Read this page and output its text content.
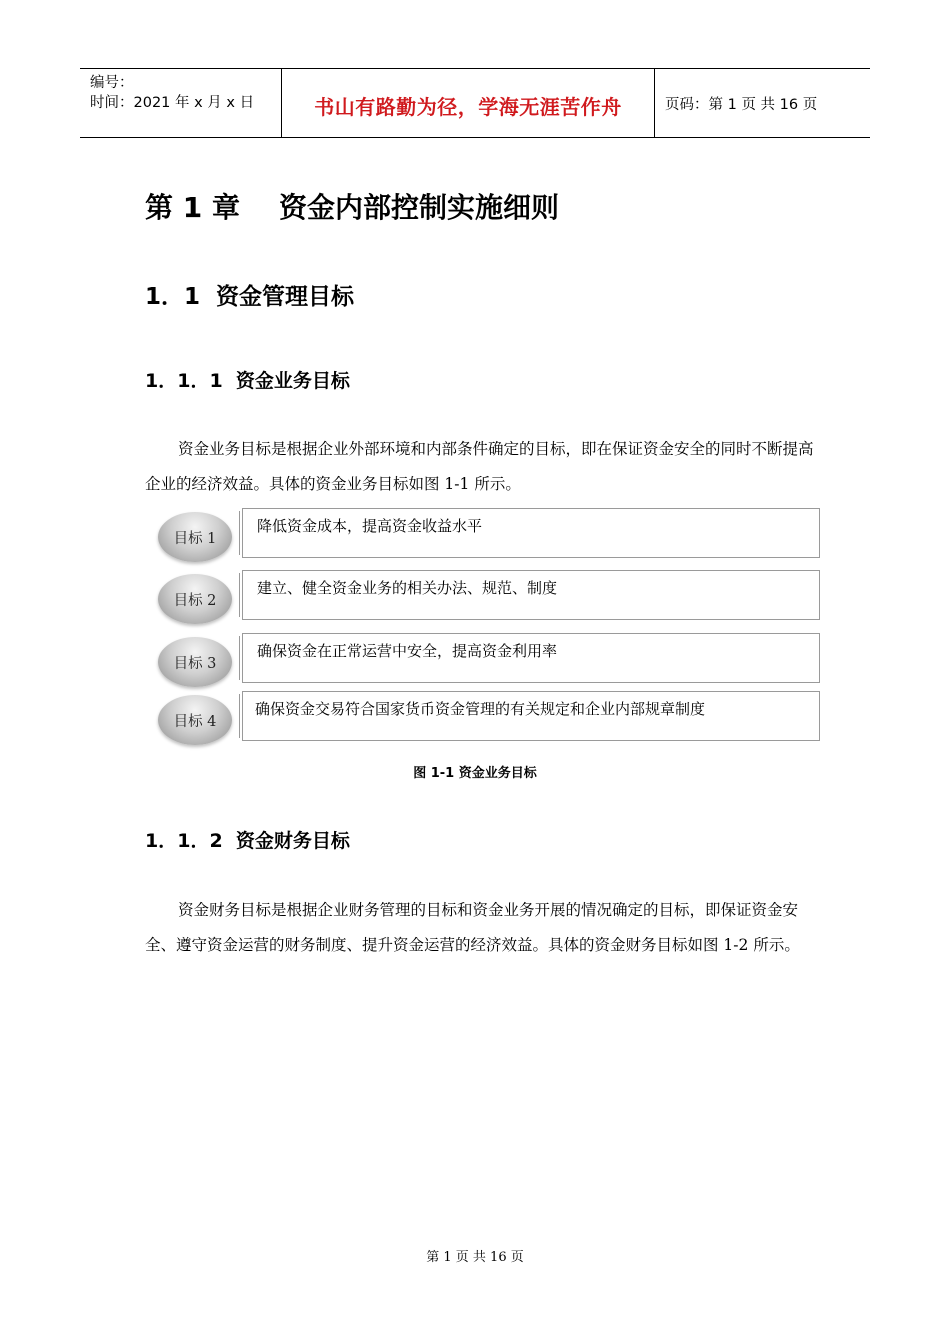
编号：
时间：2021 年 x 月 x 日	书山有路勤为径，学海无涯苦作舟	页码：第 1 页 共 16 页
第 1 章    资金内部控制实施细则
1．1  资金管理目标
1．1．1  资金业务目标

资金业务目标是根据企业外部环境和内部条件确定的目标，即在保证资金安全的同时不断提高企业的经济效益。具体的资金业务目标如图 1-1 所示。

降低资金成本，提高资金收益水平
目标 1
建立、健全资金业务的相关办法、规范、制度
目标 2
确保资金在正常运营中安全，提高资金利用率
目标 3
确保资金交易符合国家货币资金管理的有关规定和企业内部规章制度
目标 4
图 1-1 资金业务目标
1．1．2  资金财务目标

资金财务目标是根据企业财务管理的目标和资金业务开展的情况确定的目标，即保证资金安全、遵守资金运营的财务制度、提升资金运营的经济效益。具体的资金财务目标如图 1-2 所示。

第 1 页 共 16 页
